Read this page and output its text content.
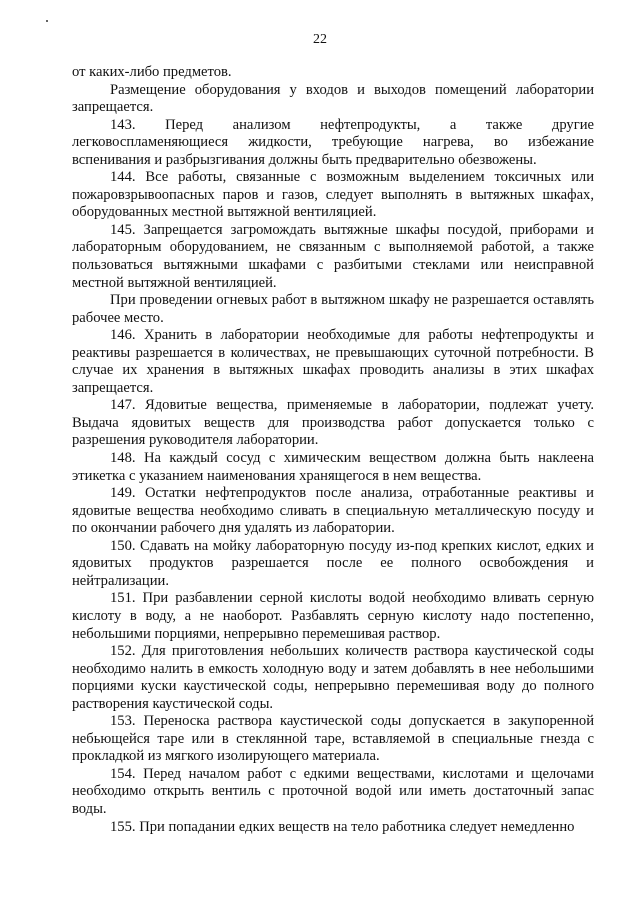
22

от каких-либо предметов.

Размещение оборудования у входов и выходов помещений лаборатории запрещается.

143. Перед анализом нефтепродукты, а также другие легковоспламеняющиеся жидкости, требующие нагрева, во избежание вспенивания и разбрызгивания должны быть предварительно обезвожены.

144. Все работы, связанные с возможным выделением токсичных или пожаровзрывоопасных паров и газов, следует выполнять в вытяжных шкафах, оборудованных местной вытяжной вентиляцией.

145. Запрещается загромождать вытяжные шкафы посудой, приборами и лабораторным оборудованием, не связанным с выполняемой работой, а также пользоваться вытяжными шкафами с разбитыми стеклами или неисправной местной вытяжной вентиляцией.

При проведении огневых работ в вытяжном шкафу не разрешается оставлять рабочее место.

146. Хранить в лаборатории необходимые для работы нефтепродукты и реактивы разрешается в количествах, не превышающих суточной потребности. В случае их хранения в вытяжных шкафах проводить анализы в этих шкафах запрещается.

147. Ядовитые вещества, применяемые в лаборатории, подлежат учету. Выдача ядовитых веществ для производства работ допускается только с разрешения руководителя лаборатории.

148. На каждый сосуд с химическим веществом должна быть наклеена этикетка с указанием наименования хранящегося в нем вещества.

149. Остатки нефтепродуктов после анализа, отработанные реактивы и ядовитые вещества необходимо сливать в специальную металлическую посуду и по окончании рабочего дня удалять из лаборатории.

150. Сдавать на мойку лабораторную посуду из-под крепких кислот, едких и ядовитых продуктов разрешается после ее полного освобождения и нейтрализации.

151. При разбавлении серной кислоты водой необходимо вливать серную кислоту в воду, а не наоборот. Разбавлять серную кислоту надо постепенно, небольшими порциями, непрерывно перемешивая раствор.

152. Для приготовления небольших количеств раствора каустической соды необходимо налить в емкость холодную воду и затем добавлять в нее небольшими порциями куски каустической соды, непрерывно перемешивая воду до полного растворения каустической соды.

153. Переноска раствора каустической соды допускается в закупоренной небьющейся таре или в стеклянной таре, вставляемой в специальные гнезда с прокладкой из мягкого изолирующего материала.

154. Перед началом работ с едкими веществами, кислотами и щелочами необходимо открыть вентиль с проточной водой или иметь достаточный запас воды.

155. При попадании едких веществ на тело работника следует немедленно
